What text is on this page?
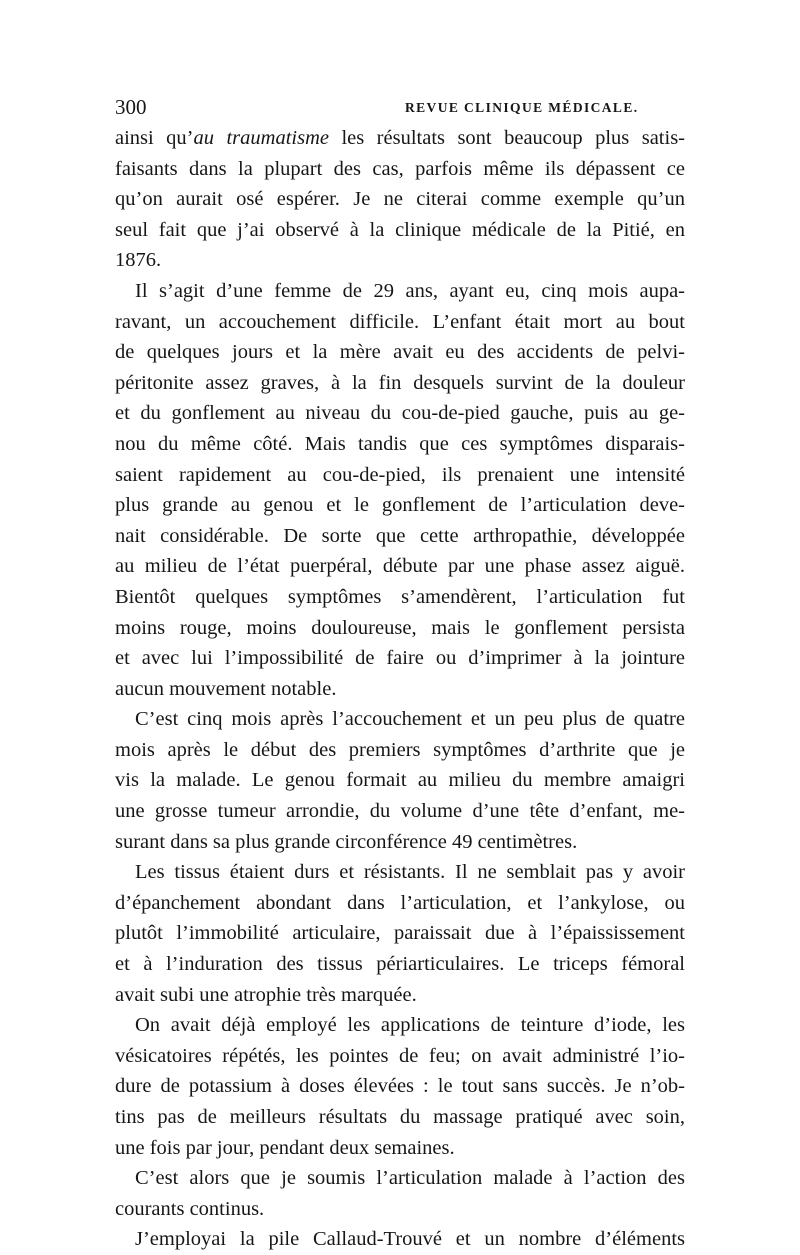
300	REVUE CLINIQUE MÉDICALE.
ainsi qu’au traumatisme les résultats sont beaucoup plus satis-
faisants dans la plupart des cas, parfois même ils dépassent ce
qu’on aurait osé espérer. Je ne citerai comme exemple qu’un
seul fait que j’ai observé à la clinique médicale de la Pitié, en
1876.
Il s’agit d’une femme de 29 ans, ayant eu, cinq mois aupa-
ravant, un accouchement difficile. L’enfant était mort au bout
de quelques jours et la mère avait eu des accidents de pelvi-
péritonite assez graves, à la fin desquels survint de la douleur
et du gonflement au niveau du cou-de-pied gauche, puis au ge-
nou du même côté. Mais tandis que ces symptômes disparais-
saient rapidement au cou-de-pied, ils prenaient une intensité
plus grande au genou et le gonflement de l’articulation deve-
nait considérable. De sorte que cette arthropathie, développée
au milieu de l’état puerpéral, débute par une phase assez aiguë.
Bientôt quelques symptômes s’amendèrent, l’articulation fut
moins rouge, moins douloureuse, mais le gonflement persista
et avec lui l’impossibilité de faire ou d’imprimer à la jointure
aucun mouvement notable.
C’est cinq mois après l’accouchement et un peu plus de quatre
mois après le début des premiers symptômes d’arthrite que je
vis la malade. Le genou formait au milieu du membre amaigri
une grosse tumeur arrondie, du volume d’une tête d’enfant, me-
surant dans sa plus grande circonférence 49 centimètres.
Les tissus étaient durs et résistants. Il ne semblait pas y avoir
d’épanchement abondant dans l’articulation, et l’ankylose, ou
plutôt l’immobilité articulaire, paraissait due à l’épaississement
et à l’induration des tissus périarticulaires. Le triceps fémoral
avait subi une atrophie très marquée.
On avait déjà employé les applications de teinture d’iode, les
vésicatoires répétés, les pointes de feu; on avait administré l’io-
dure de potassium à doses élevées : le tout sans succès. Je n’ob-
tins pas de meilleurs résultats du massage pratiqué avec soin,
une fois par jour, pendant deux semaines.
C’est alors que je soumis l’articulation malade à l’action des
courants continus.
J’employai la pile Callaud-Trouvé et un nombre d’éléments
